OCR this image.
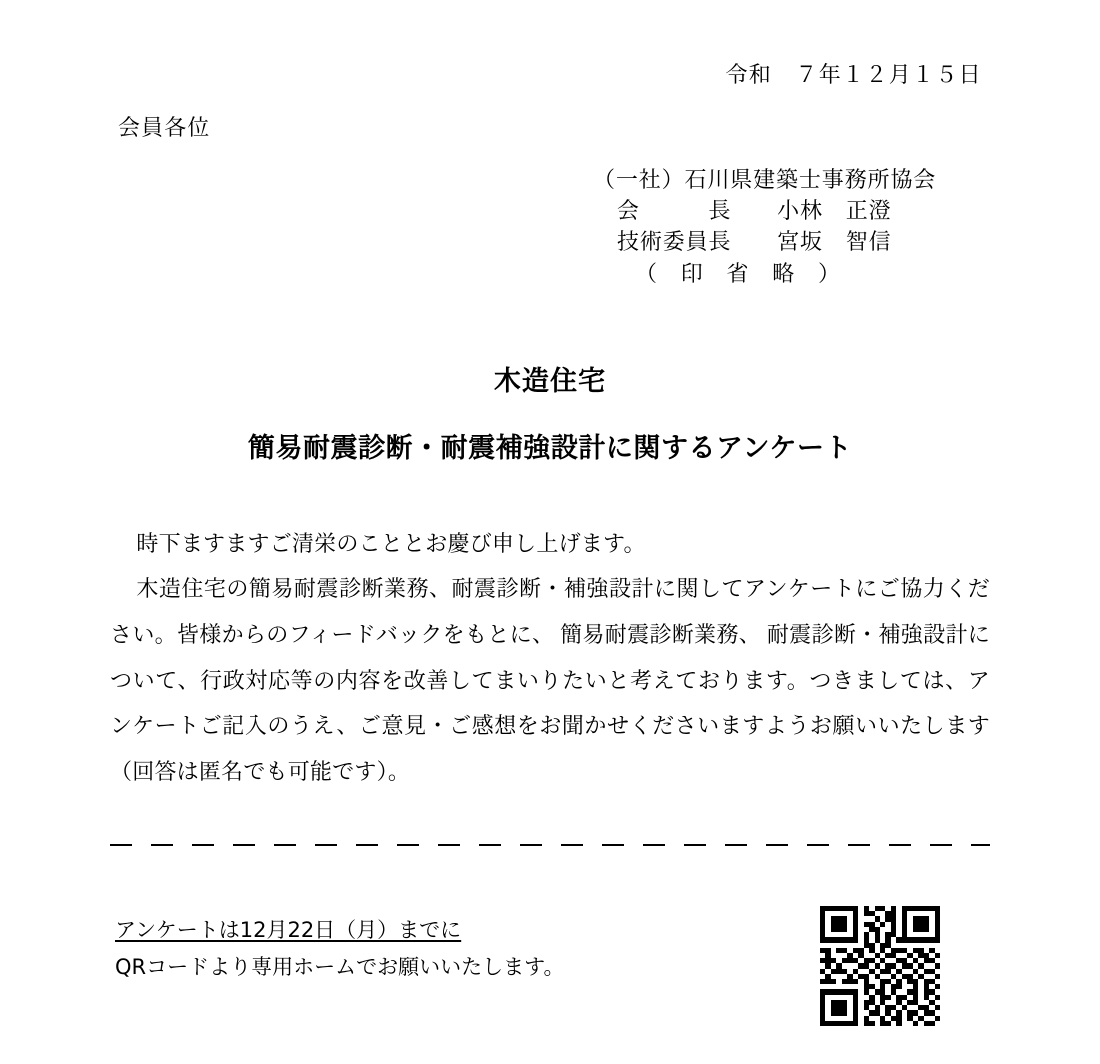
令和　７年１２月１５日
会員各位
（一社）石川県建築士事務所協会
会　　　長　　小林　正澄
技術委員長　　宮坂　智信
（　印　省　略　）
木造住宅
簡易耐震診断・耐震補強設計に関するアンケート

時下ますますご清栄のこととお慶び申し上げます。

木造住宅の簡易耐震診断業務、耐震診断・補強設計に関してアンケートにご協力ください。皆様からのフィードバックをもとに、 簡易耐震診断業務、 耐震診断・補強設計について、行政対応等の内容を改善してまいりたいと考えております。つきましては、アンケートご記入のうえ、ご意見・ご感想をお聞かせくださいますようお願いいたします（回答は匿名でも可能です）。

アンケートは12月22日（月）までに
QRコードより専用ホームでお願いいたします。
